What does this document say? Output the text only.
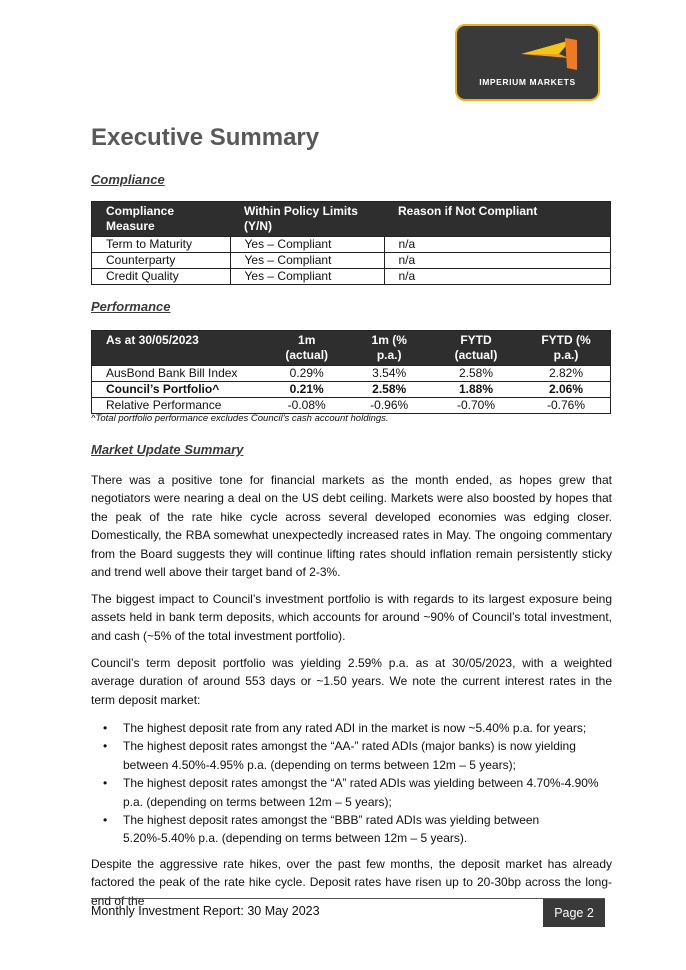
IMPERIUM MARKETS
Executive Summary

Compliance

Compliance Measure	Within Policy Limits (Y/N)	Reason if Not Compliant
Term to Maturity	Yes – Compliant	n/a
Counterparty	Yes – Compliant	n/a
Credit Quality	Yes – Compliant	n/a

Performance

As at 30/05/2023	1m (actual)	1m (% p.a.)	FYTD (actual)	FYTD (% p.a.)
AusBond Bank Bill Index	0.29%	3.54%	2.58%	2.82%
Council’s Portfolio^	0.21%	2.58%	1.88%	2.06%
Relative Performance	-0.08%	-0.96%	-0.70%	-0.76%
^Total portfolio performance excludes Council’s cash account holdings.

Market Update Summary

There was a positive tone for financial markets as the month ended, as hopes grew that negotiators were nearing a deal on the US debt ceiling. Markets were also boosted by hopes that the peak of the rate hike cycle across several developed economies was edging closer. Domestically, the RBA somewhat unexpectedly increased rates in May. The ongoing commentary from the Board suggests they will continue lifting rates should inflation remain persistently sticky and trend well above their target band of 2-3%.

The biggest impact to Council’s investment portfolio is with regards to its largest exposure being assets held in bank term deposits, which accounts for around ~90% of Council’s total investment, and cash (~5% of the total investment portfolio).

Council’s term deposit portfolio was yielding 2.59% p.a. as at 30/05/2023, with a weighted average duration of around 553 days or ~1.50 years. We note the current interest rates in the term deposit market:

• The highest deposit rate from any rated ADI in the market is now ~5.40% p.a. for years;
• The highest deposit rates amongst the “AA-” rated ADIs (major banks) is now yielding between 4.50%-4.95% p.a. (depending on terms between 12m – 5 years);
• The highest deposit rates amongst the “A” rated ADIs was yielding between 4.70%-4.90% p.a. (depending on terms between 12m – 5 years);
• The highest deposit rates amongst the “BBB” rated ADIs was yielding between 5.20%-5.40% p.a. (depending on terms between 12m – 5 years).

Despite the aggressive rate hikes, over the past few months, the deposit market has already factored the peak of the rate hike cycle. Deposit rates have risen up to 20-30bp across the long-end of the

Monthly Investment Report: 30 May 2023	Page 2
